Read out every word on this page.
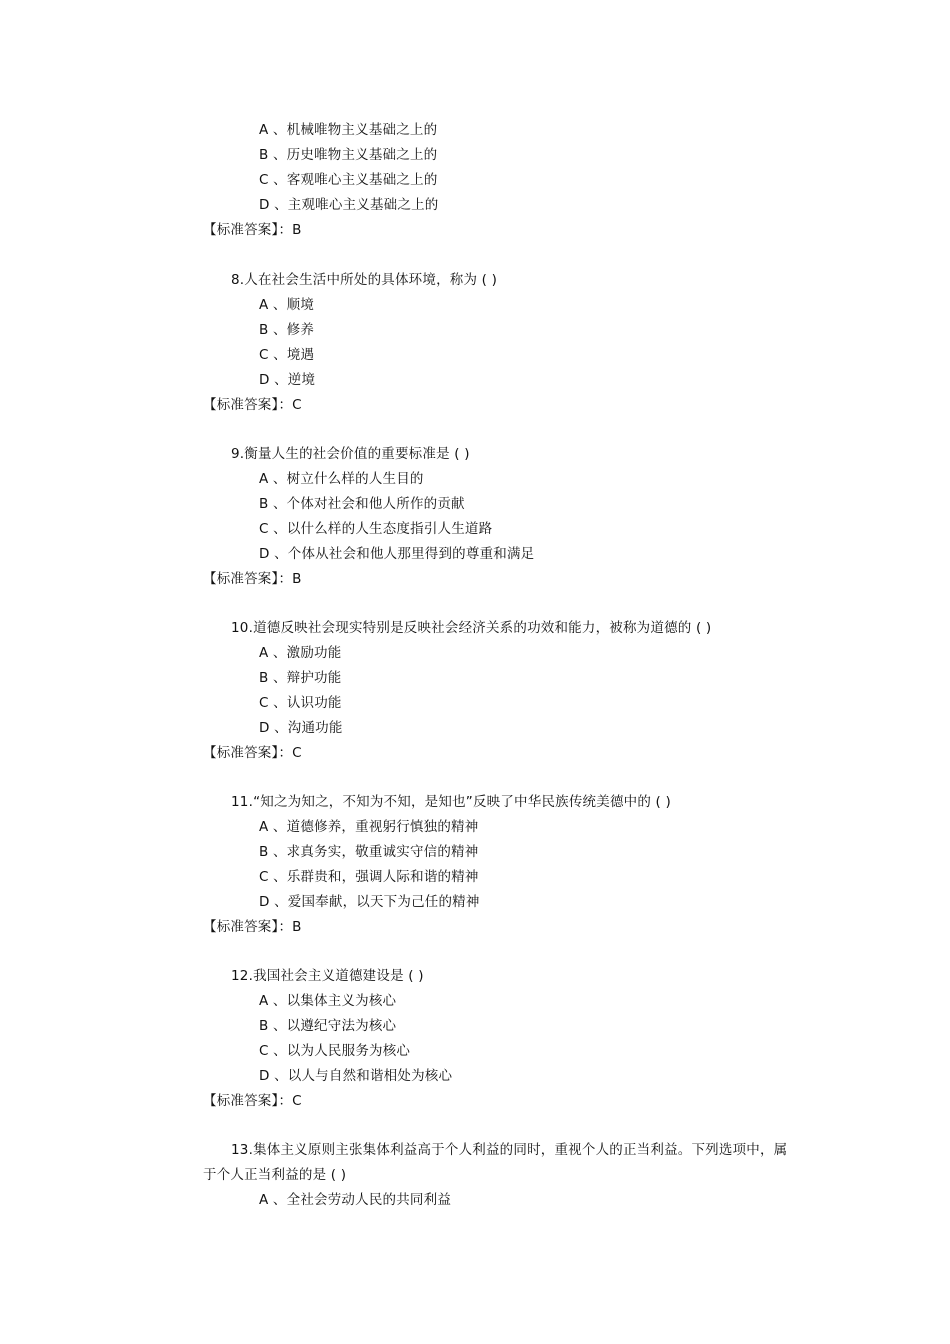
A 、机械唯物主义基础之上的
B 、历史唯物主义基础之上的
C 、客观唯心主义基础之上的
D 、主观唯心主义基础之上的
【标准答案】：B
8.人在社会生活中所处的具体环境，称为 ( )
A 、顺境
B 、修养
C 、境遇
D 、逆境
【标准答案】：C
9.衡量人生的社会价值的重要标准是 ( )
A 、树立什么样的人生目的
B 、个体对社会和他人所作的贡献
C 、以什么样的人生态度指引人生道路
D 、个体从社会和他人那里得到的尊重和满足
【标准答案】：B
10.道德反映社会现实特别是反映社会经济关系的功效和能力，被称为道德的 ( )
A 、激励功能
B 、辩护功能
C 、认识功能
D 、沟通功能
【标准答案】：C
11.“知之为知之，不知为不知，是知也”反映了中华民族传统美德中的 ( )
A 、道德修养，重视躬行慎独的精神
B 、求真务实，敬重诚实守信的精神
C 、乐群贵和，强调人际和谐的精神
D 、爱国奉献，以天下为己任的精神
【标准答案】：B
12.我国社会主义道德建设是 ( )
A 、以集体主义为核心
B 、以遵纪守法为核心
C 、以为人民服务为核心
D 、以人与自然和谐相处为核心
【标准答案】：C
13.集体主义原则主张集体利益高于个人利益的同时，重视个人的正当利益。下列选项中，属
于个人正当利益的是 ( )
A 、全社会劳动人民的共同利益
